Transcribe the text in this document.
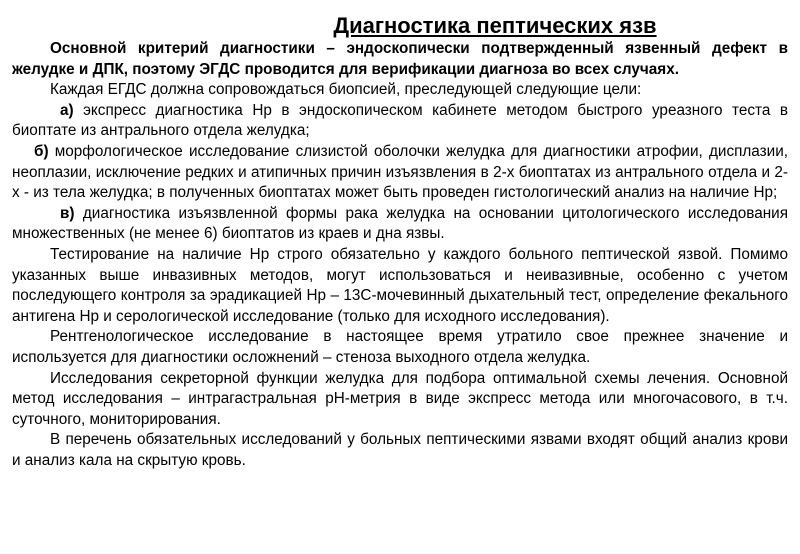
Диагностика пептических язв

Основной критерий диагностики – эндоскопически подтвержденный язвенный дефект в желудке и ДПК, поэтому ЭГДС проводится для верификации диагноза во всех случаях.

Каждая ЕГДС должна сопровождаться биопсией, преследующей следующие цели:

а) экспресс диагностика Нр в эндоскопическом кабинете методом быстрого уреазного теста в биоптате из антрального отдела желудка;

б) морфологическое исследование слизистой оболочки желудка для диагностики атрофии, дисплазии, неоплазии, исключение редких и атипичных причин изъязвления в 2-х биоптатах из антрального отдела и 2-х - из тела желудка; в полученных биоптатах может быть проведен гистологический анализ на наличие Нр;

в) диагностика изъязвленной формы рака желудка на основании цитологического исследования множественных (не менее 6) биоптатов из краев и дна язвы.

Тестирование на наличие Нр строго обязательно у каждого больного пептической язвой. Помимо указанных выше инвазивных методов, могут использоваться и неивазивные, особенно с учетом последующего контроля за эрадикацией Нр – 13С-мочевинный дыхательный тест, определение фекального антигена Нр и серологической исследование (только для исходного исследования).

Рентгенологическое исследование в настоящее время утратило свое прежнее значение и используется для диагностики осложнений – стеноза выходного отдела желудка.

Исследования секреторной функции желудка для подбора оптимальной схемы лечения. Основной метод исследования – интрагастральная рН-метрия в виде экспресс метода или многочасового, в т.ч. суточного, мониторирования.

В перечень обязательных исследований у больных пептическими язвами входят общий анализ крови и анализ кала на скрытую кровь.
